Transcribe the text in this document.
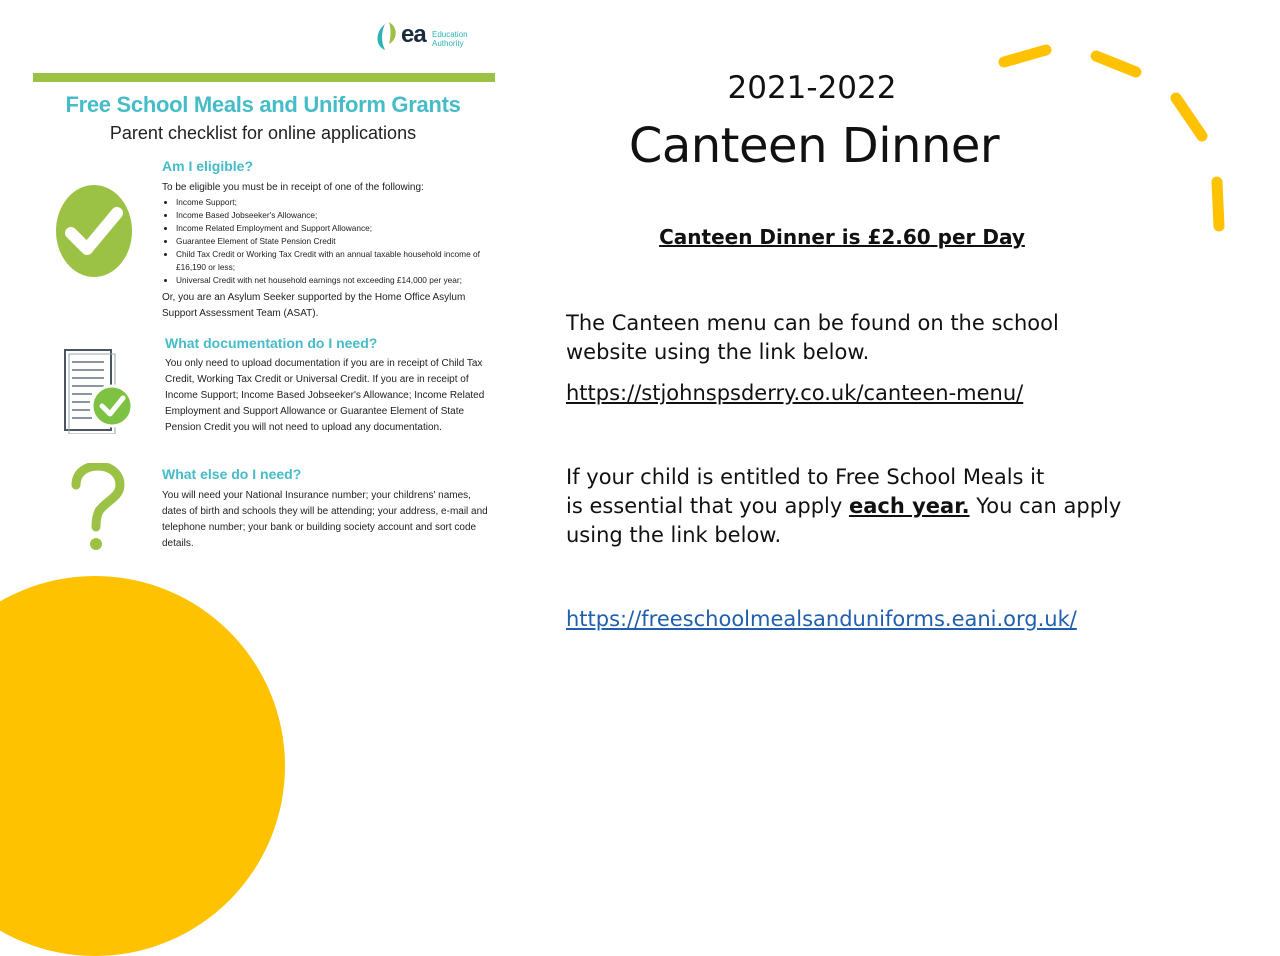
ea Education
Authority
Free School Meals and Uniform Grants
Parent checklist for online applications
Am I eligible?
To be eligible you must be in receipt of one of the following:
• Income Support;
• Income Based Jobseeker's Allowance;
• Income Related Employment and Support Allowance;
• Guarantee Element of State Pension Credit
• Child Tax Credit or Working Tax Credit with an annual taxable household income of
£16,190 or less;
• Universal Credit with net household earnings not exceeding £14,000 per year;
Or, you are an Asylum Seeker supported by the Home Office Asylum
Support Assessment Team (ASAT).
What documentation do I need?
You only need to upload documentation if you are in receipt of Child Tax
Credit, Working Tax Credit or Universal Credit. If you are in receipt of
Income Support; Income Based Jobseeker's Allowance; Income Related
Employment and Support Allowance or Guarantee Element of State
Pension Credit you will not need to upload any documentation.
What else do I need?
You will need your National Insurance number; your childrens' names,
dates of birth and schools they will be attending; your address, e-mail and
telephone number; your bank or building society account and sort code
details.
2021-2022
Canteen Dinner
Canteen Dinner is £2.60 per Day
The Canteen menu can be found on the school
website using the link below.
https://stjohnspsderry.co.uk/canteen-menu/
If your child is entitled to Free School Meals it
is essential that you apply each year. You can apply
using the link below.
https://freeschoolmealsanduniforms.eani.org.uk/
